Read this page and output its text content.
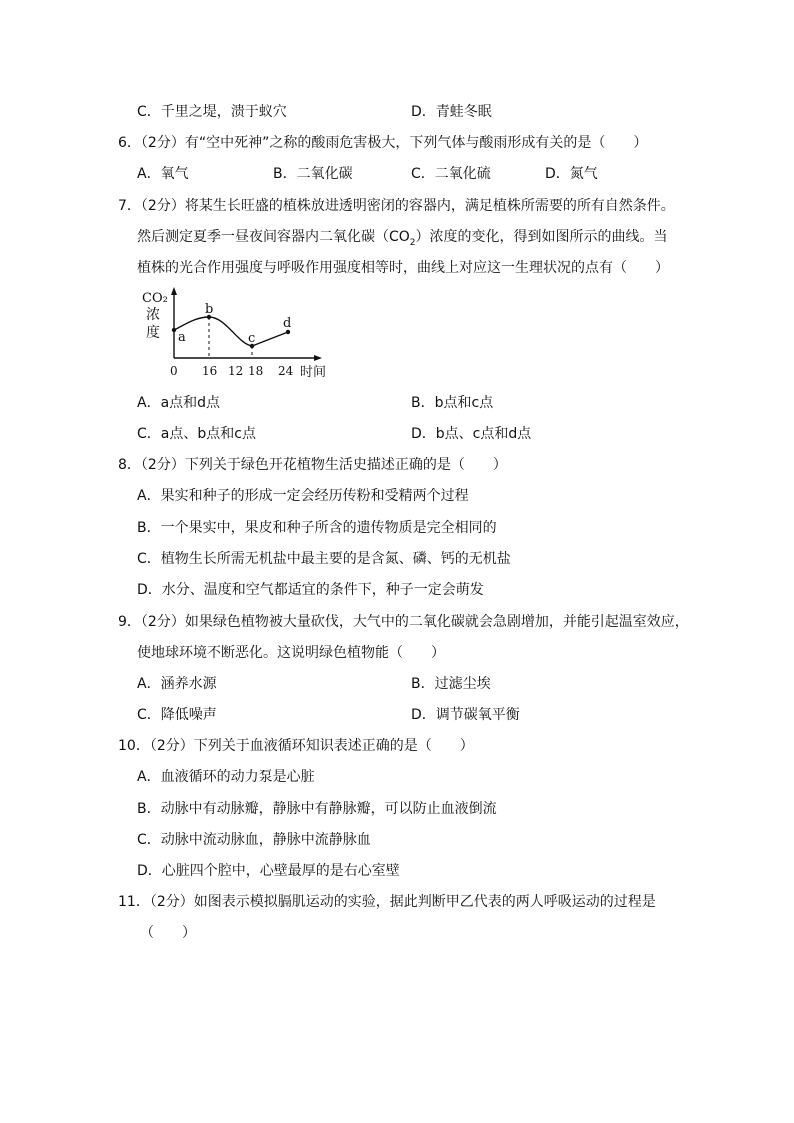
C．千里之堤，溃于蚁穴	D．青蛙冬眠
6．（2分）有“空中死神”之称的酸雨危害极大，下列气体与酸雨形成有关的是（　　）
A．氧气	B．二氧化碳	C．二氧化硫	D．氮气
7．（2分）将某生长旺盛的植株放进透明密闭的容器内，满足植株所需要的所有自然条件。
然后测定夏季一昼夜间容器内二氧化碳$(CO_2)$浓度的变化，得到如图所示的曲线。当
植株的光合作用强度与呼吸作用强度相等时，曲线上对应这一生理状况的点有（　　）
CO₂
浓
度
时间
0 16 12 18 24
a
b
c
d
A．a点和d点	B．b点和c点
C．a点、b点和c点	D．b点、c点和d点
8．（2分）下列关于绿色开花植物生活史描述正确的是（　　）
A．果实和种子的形成一定会经历传粉和受精两个过程
B．一个果实中，果皮和种子所含的遗传物质是完全相同的
C．植物生长所需无机盐中最主要的是含氮、磷、钙的无机盐
D．水分、温度和空气都适宜的条件下，种子一定会萌发
9．（2分）如果绿色植物被大量砍伐，大气中的二氧化碳就会急剧增加，并能引起温室效应，
使地球环境不断恶化。这说明绿色植物能（　　）
A．涵养水源	B．过滤尘埃
C．降低噪声	D．调节碳氧平衡
10．（2分）下列关于血液循环知识表述正确的是（　　）
A．血液循环的动力泵是心脏
B．动脉中有动脉瓣，静脉中有静脉瓣，可以防止血液倒流
C．动脉中流动脉血，静脉中流静脉血
D．心脏四个腔中，心壁最厚的是右心室壁
11．（2分）如图表示模拟膈肌运动的实验，据此判断甲乙代表的两人呼吸运动的过程是
（　　）
